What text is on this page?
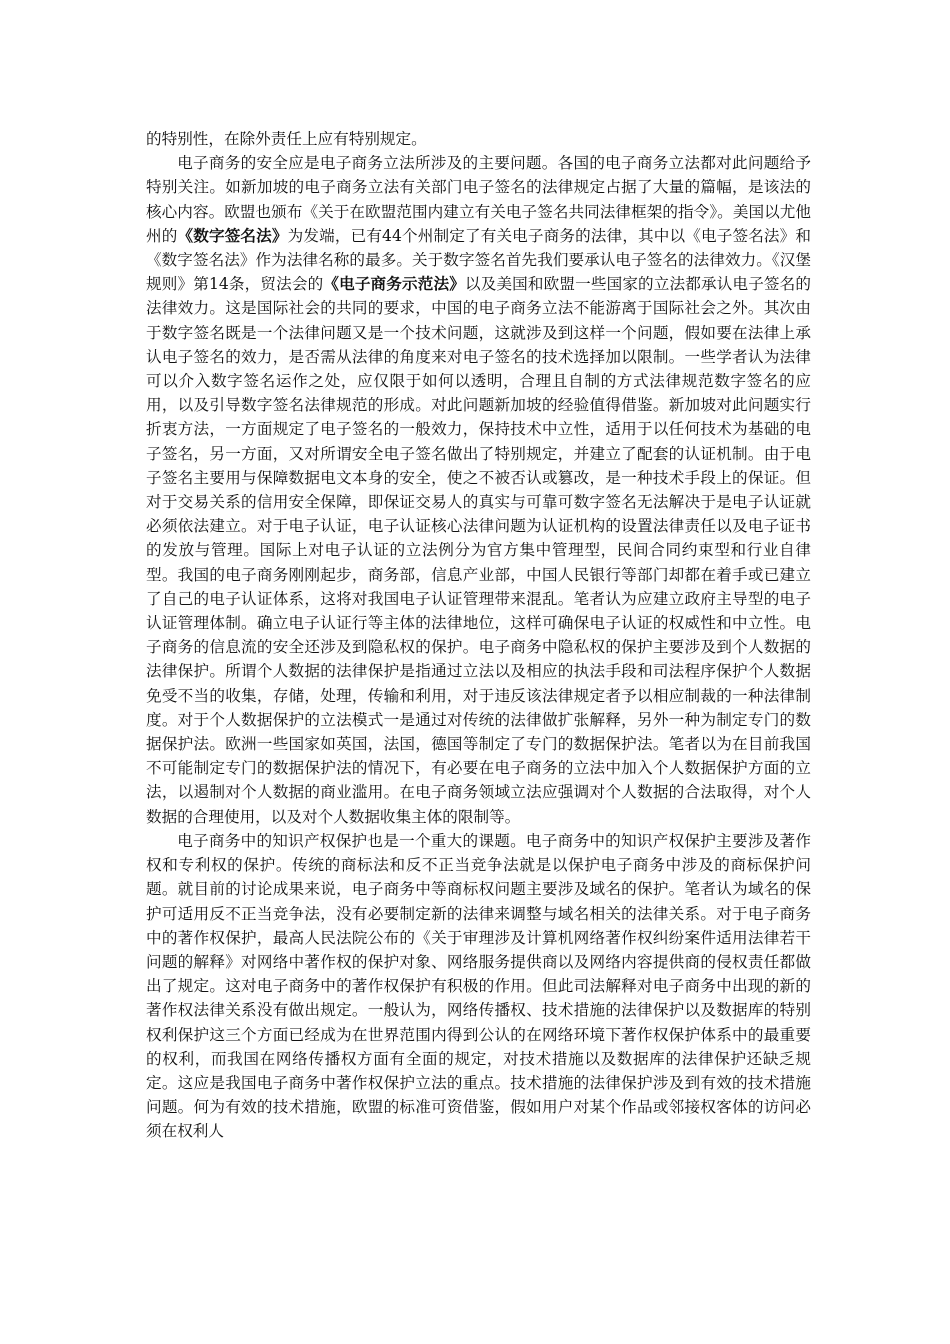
的特别性，在除外责任上应有特别规定。

电子商务的安全应是电子商务立法所涉及的主要问题。各国的电子商务立法都对此问题给予特别关注。如新加坡的电子商务立法有关部门电子签名的法律规定占据了大量的篇幅，是该法的核心内容。欧盟也颁布《关于在欧盟范围内建立有关电子签名共同法律框架的指令》。美国以尤他州的《数字签名法》为发端，已有44个州制定了有关电子商务的法律，其中以《电子签名法》和《数字签名法》作为法律名称的最多。关于数字签名首先我们要承认电子签名的法律效力。《汉堡规则》第14条，贸法会的《电子商务示范法》以及美国和欧盟一些国家的立法都承认电子签名的法律效力。这是国际社会的共同的要求，中国的电子商务立法不能游离于国际社会之外。其次由于数字签名既是一个法律问题又是一个技术问题，这就涉及到这样一个问题，假如要在法律上承认电子签名的效力，是否需从法律的角度来对电子签名的技术选择加以限制。一些学者认为法律可以介入数字签名运作之处，应仅限于如何以透明，合理且自制的方式法律规范数字签名的应用，以及引导数字签名法律规范的形成。对此问题新加坡的经验值得借鉴。新加坡对此问题实行折衷方法，一方面规定了电子签名的一般效力，保持技术中立性，适用于以任何技术为基础的电子签名，另一方面，又对所谓安全电子签名做出了特别规定，并建立了配套的认证机制。由于电子签名主要用与保障数据电文本身的安全，使之不被否认或篡改，是一种技术手段上的保证。但对于交易关系的信用安全保障，即保证交易人的真实与可靠可数字签名无法解决于是电子认证就必须依法建立。对于电子认证，电子认证核心法律问题为认证机构的设置法律责任以及电子证书的发放与管理。国际上对电子认证的立法例分为官方集中管理型，民间合同约束型和行业自律型。我国的电子商务刚刚起步，商务部，信息产业部，中国人民银行等部门却都在着手或已建立了自己的电子认证体系，这将对我国电子认证管理带来混乱。笔者认为应建立政府主导型的电子认证管理体制。确立电子认证行等主体的法律地位，这样可确保电子认证的权威性和中立性。电子商务的信息流的安全还涉及到隐私权的保护。电子商务中隐私权的保护主要涉及到个人数据的法律保护。所谓个人数据的法律保护是指通过立法以及相应的执法手段和司法程序保护个人数据免受不当的收集，存储，处理，传输和利用，对于违反该法律规定者予以相应制裁的一种法律制度。对于个人数据保护的立法模式一是通过对传统的法律做扩张解释，另外一种为制定专门的数据保护法。欧洲一些国家如英国，法国，德国等制定了专门的数据保护法。笔者以为在目前我国不可能制定专门的数据保护法的情况下，有必要在电子商务的立法中加入个人数据保护方面的立法，以遏制对个人数据的商业滥用。在电子商务领域立法应强调对个人数据的合法取得，对个人数据的合理使用，以及对个人数据收集主体的限制等。

电子商务中的知识产权保护也是一个重大的课题。电子商务中的知识产权保护主要涉及著作权和专利权的保护。传统的商标法和反不正当竞争法就是以保护电子商务中涉及的商标保护问题。就目前的讨论成果来说，电子商务中等商标权问题主要涉及域名的保护。笔者认为域名的保护可适用反不正当竞争法，没有必要制定新的法律来调整与域名相关的法律关系。对于电子商务中的著作权保护，最高人民法院公布的《关于审理涉及计算机网络著作权纠纷案件适用法律若干问题的解释》对网络中著作权的保护对象、网络服务提供商以及网络内容提供商的侵权责任都做出了规定。这对电子商务中的著作权保护有积极的作用。但此司法解释对电子商务中出现的新的著作权法律关系没有做出规定。一般认为，网络传播权、技术措施的法律保护以及数据库的特别权利保护这三个方面已经成为在世界范围内得到公认的在网络环境下著作权保护体系中的最重要的权利，而我国在网络传播权方面有全面的规定，对技术措施以及数据库的法律保护还缺乏规定。这应是我国电子商务中著作权保护立法的重点。技术措施的法律保护涉及到有效的技术措施问题。何为有效的技术措施，欧盟的标准可资借鉴，假如用户对某个作品或邻接权客体的访问必须在权利人
